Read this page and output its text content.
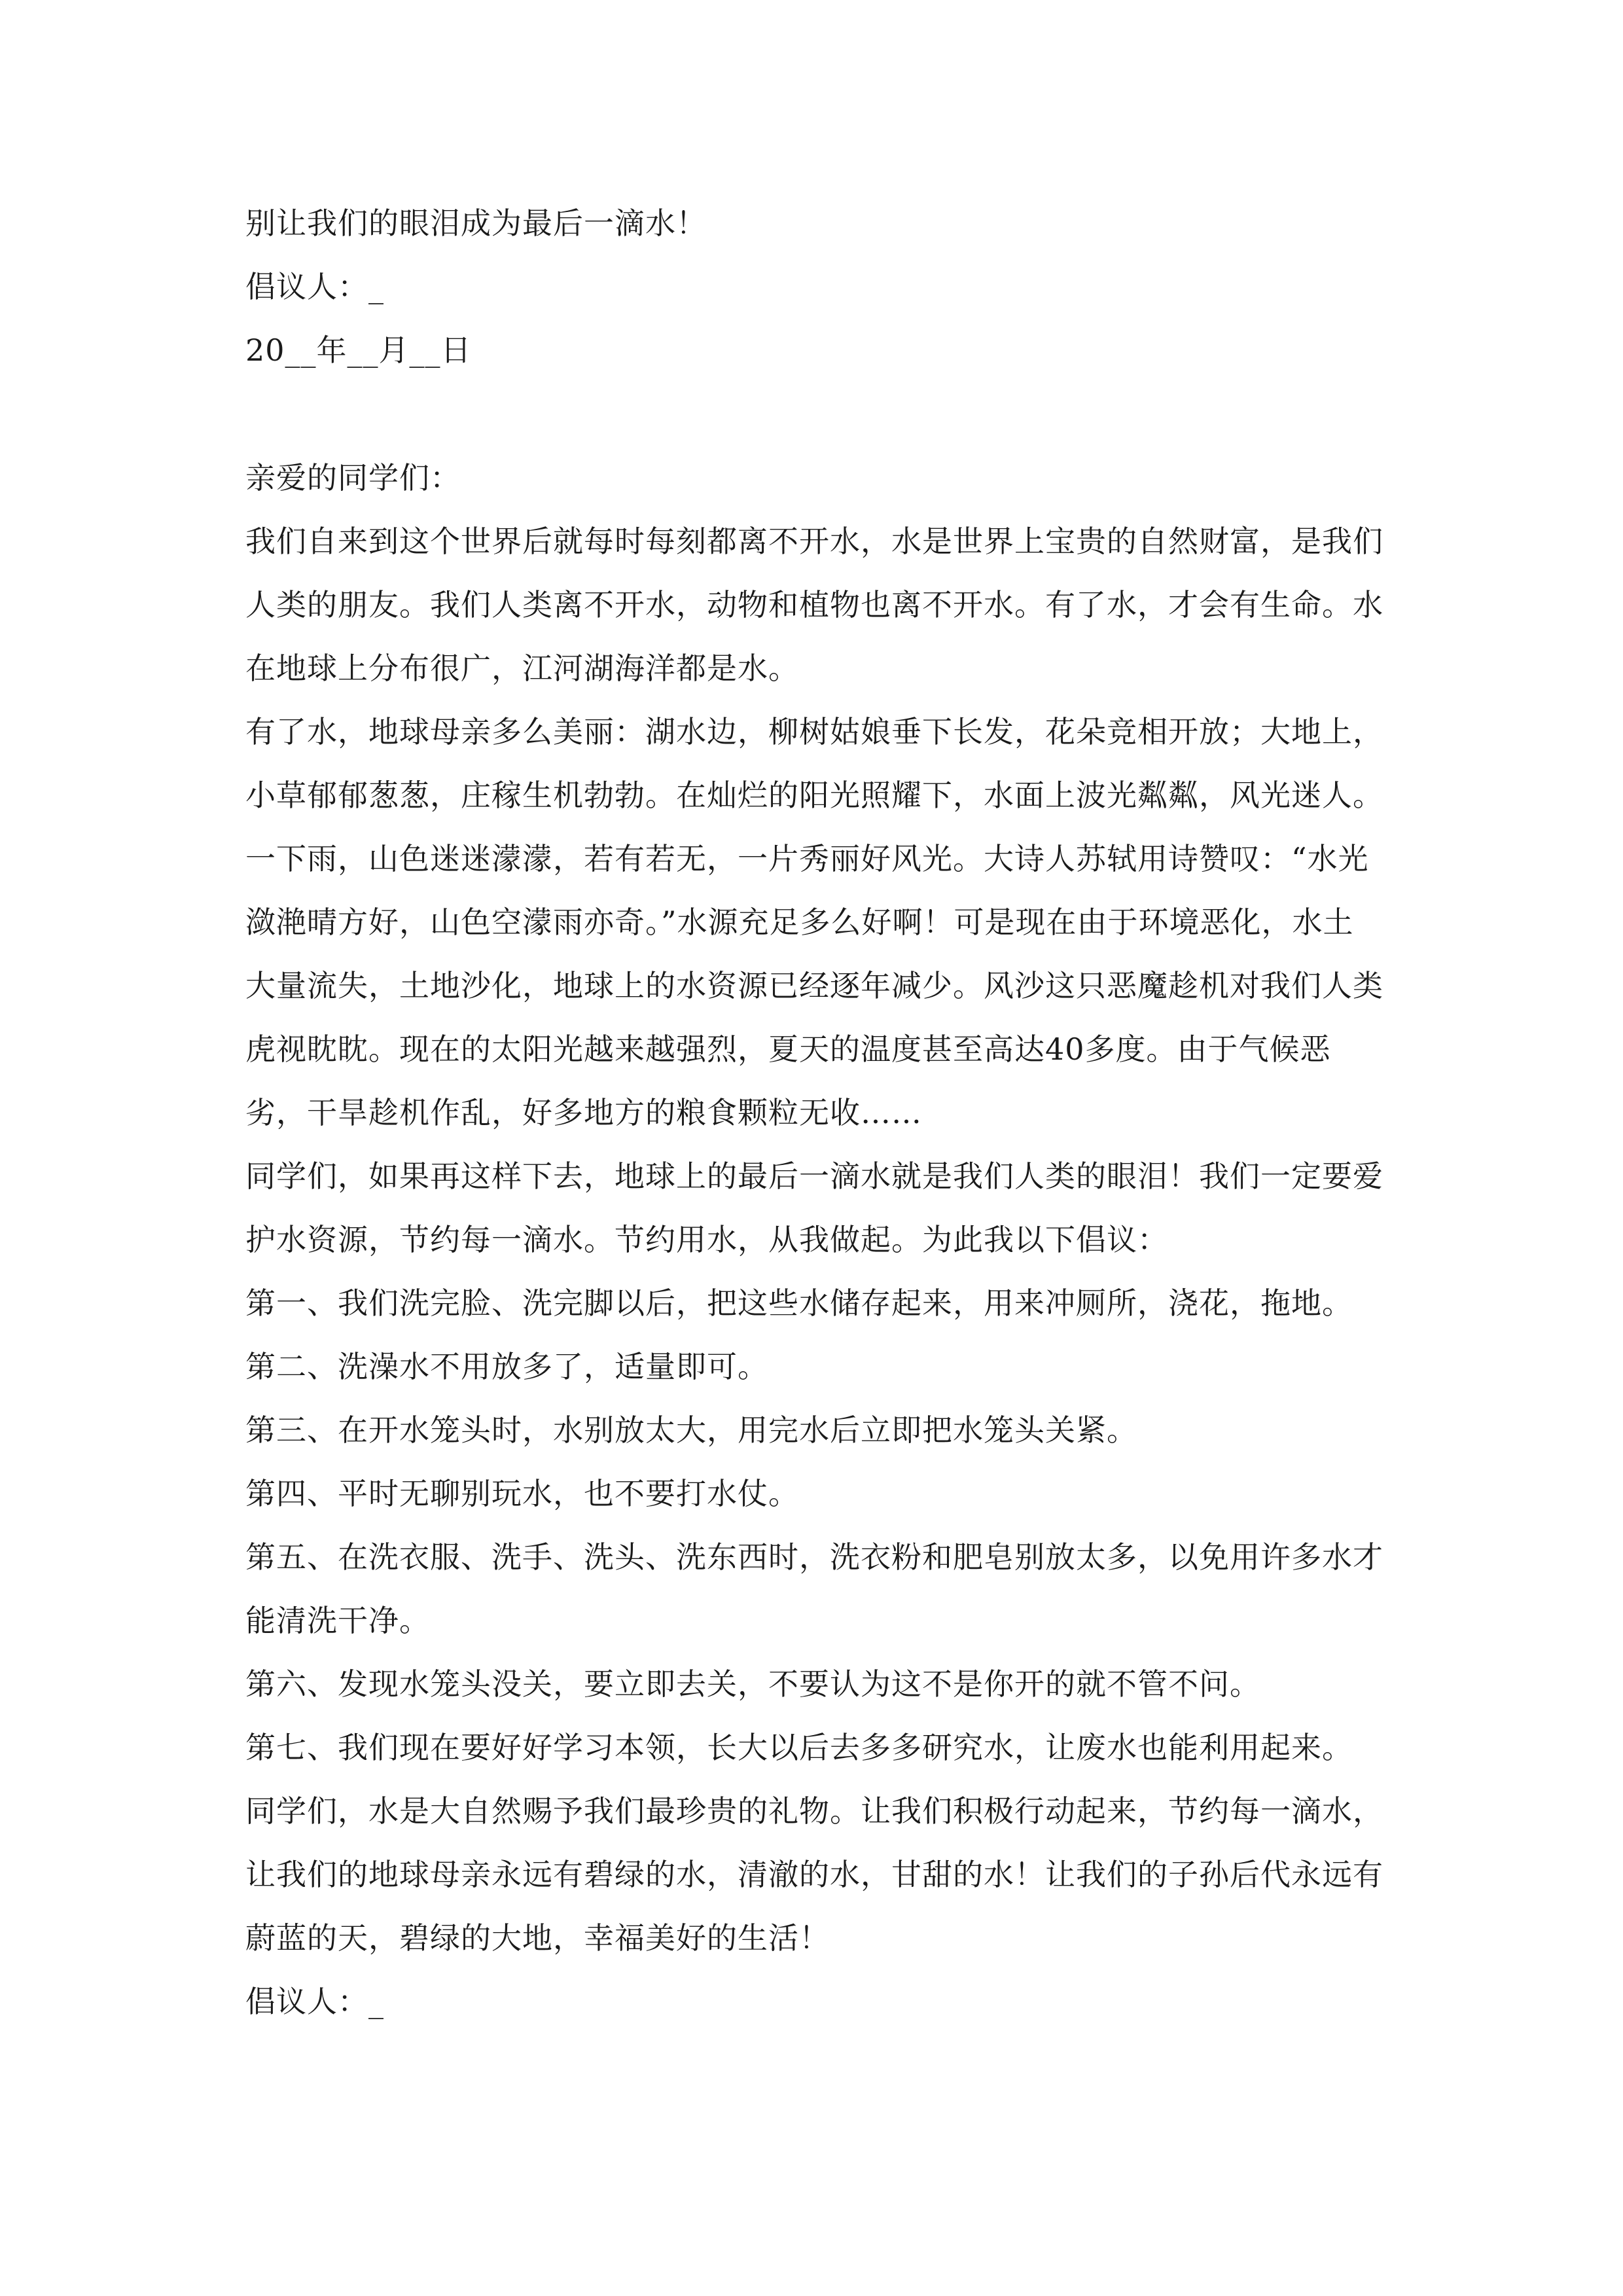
别让我们的眼泪成为最后一滴水！

倡议人：_

20__年__月__日

亲爱的同学们：

我们自来到这个世界后就每时每刻都离不开水，水是世界上宝贵的自然财富，是我们人类的朋友。我们人类离不开水，动物和植物也离不开水。有了水，才会有生命。水在地球上分布很广，江河湖海洋都是水。

有了水，地球母亲多么美丽：湖水边，柳树姑娘垂下长发，花朵竞相开放；大地上，小草郁郁葱葱，庄稼生机勃勃。在灿烂的阳光照耀下，水面上波光粼粼，风光迷人。一下雨，山色迷迷濛濛，若有若无，一片秀丽好风光。大诗人苏轼用诗赞叹：“水光潋滟晴方好，山色空濛雨亦奇。”水源充足多么好啊！可是现在由于环境恶化，水土大量流失，土地沙化，地球上的水资源已经逐年减少。风沙这只恶魔趁机对我们人类虎视眈眈。现在的太阳光越来越强烈，夏天的温度甚至高达40多度。由于气候恶劣，干旱趁机作乱，好多地方的粮食颗粒无收……

同学们，如果再这样下去，地球上的最后一滴水就是我们人类的眼泪！我们一定要爱护水资源，节约每一滴水。节约用水，从我做起。为此我以下倡议：

第一、我们洗完脸、洗完脚以后，把这些水储存起来，用来冲厕所，浇花，拖地。

第二、洗澡水不用放多了，适量即可。

第三、在开水笼头时，水别放太大，用完水后立即把水笼头关紧。

第四、平时无聊别玩水，也不要打水仗。

第五、在洗衣服、洗手、洗头、洗东西时，洗衣粉和肥皂别放太多，以免用许多水才能清洗干净。

第六、发现水笼头没关，要立即去关，不要认为这不是你开的就不管不问。

第七、我们现在要好好学习本领，长大以后去多多研究水，让废水也能利用起来。

同学们，水是大自然赐予我们最珍贵的礼物。让我们积极行动起来，节约每一滴水，让我们的地球母亲永远有碧绿的水，清澈的水，甘甜的水！让我们的子孙后代永远有蔚蓝的天，碧绿的大地，幸福美好的生活！

倡议人：_
